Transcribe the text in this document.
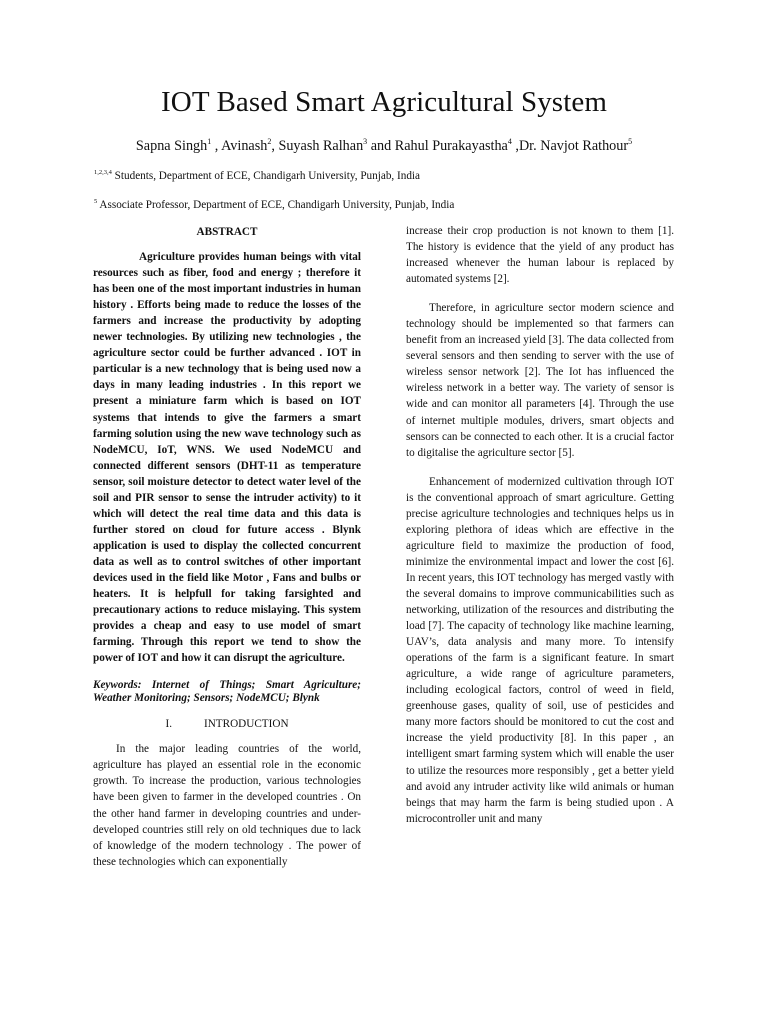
IOT Based Smart Agricultural System

Sapna Singh$^1$ , Avinash$^2$, Suyash Ralhan$^3$ and Rahul Purakayastha$^4$ ,Dr. Navjot Rathour$^5$

$^{1,2,3,4}$ Students, Department of ECE, Chandigarh University, Punjab, India

$^5$ Associate Professor, Department of ECE, Chandigarh University, Punjab, India

ABSTRACT

Agriculture provides human beings with vital resources such as fiber, food and energy ; therefore it has been one of the most important industries in human history . Efforts being made to reduce the losses of the farmers and increase the productivity by adopting newer technologies. By utilizing new technologies , the agriculture sector could be further advanced . IOT in particular is a new technology that is being used now a days in many leading industries . In this report we present a miniature farm which is based on IOT systems that intends to give the farmers a smart farming solution using the new wave technology such as NodeMCU, IoT, WNS. We used NodeMCU and connected different sensors (DHT-11 as temperature sensor, soil moisture detector to detect water level of the soil and PIR sensor to sense the intruder activity) to it which will detect the real time data and this data is further stored on cloud for future access . Blynk application is used to display the collected concurrent data as well as to control switches of other important devices used in the field like Motor , Fans and bulbs or heaters. It is helpfull for taking farsighted and precautionary actions to reduce mislaying. This system provides a cheap and easy to use model of smart farming. Through this report we tend to show the power of IOT and how it can disrupt the agriculture.

Keywords: Internet of Things; Smart Agriculture; Weather Monitoring; Sensors; NodeMCU; Blynk

I.	INTRODUCTION

In the major leading countries of the world, agriculture has played an essential role in the economic growth. To increase the production, various technologies have been given to farmer in the developed countries . On the other hand farmer in developing countries and under-developed countries still rely on old techniques due to lack of knowledge of the modern technology . The power of these technologies which can exponentially

increase their crop production is not known to them [1]. The history is evidence that the yield of any product has increased whenever the human labour is replaced by automated systems [2].

Therefore, in agriculture sector modern science and technology should be implemented so that farmers can benefit from an increased yield [3]. The data collected from several sensors and then sending to server with the use of wireless sensor network [2]. The Iot has influenced the wireless network in a better way. The variety of sensor is wide and can monitor all parameters [4]. Through the use of internet multiple modules, drivers, smart objects and sensors can be connected to each other. It is a crucial factor to digitalise the agriculture sector [5].

Enhancement of modernized cultivation through IOT is the conventional approach of smart agriculture. Getting precise agriculture technologies and techniques helps us in exploring plethora of ideas which are effective in the agriculture field to maximize the production of food, minimize the environmental impact and lower the cost [6]. In recent years, this IOT technology has merged vastly with the several domains to improve communicabilities such as networking, utilization of the resources and distributing the load [7]. The capacity of technology like machine learning, UAV’s, data analysis and many more. To intensify operations of the farm is a significant feature. In smart agriculture, a wide range of agriculture parameters, including ecological factors, control of weed in field, greenhouse gases, quality of soil, use of pesticides and many more factors should be monitored to cut the cost and increase the yield productivity [8]. In this paper , an intelligent smart farming system which will enable the user to utilize the resources more responsibly , get a better yield and avoid any intruder activity like wild animals or human beings that may harm the farm is being studied upon . A microcontroller unit and many
